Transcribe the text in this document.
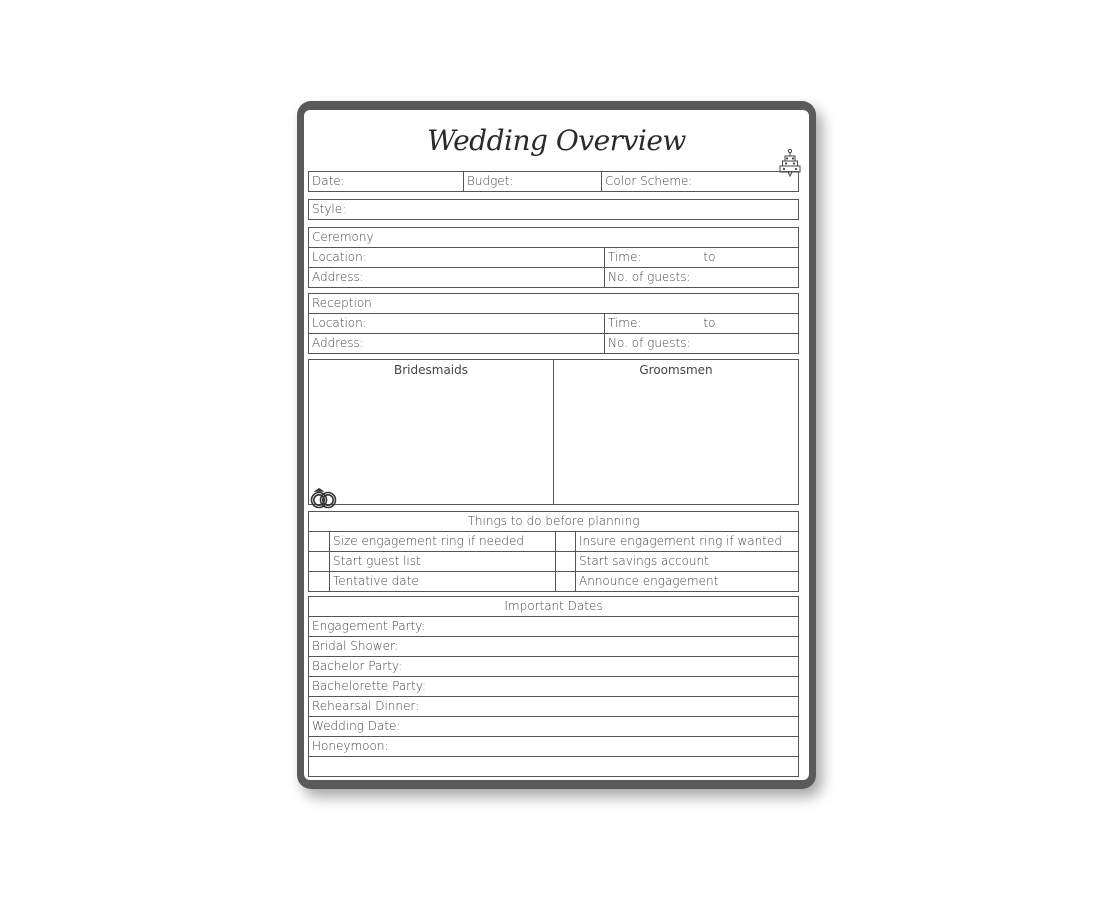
Wedding Overview
Date:	Budget:	Color Scheme:
Style:
Ceremony
Location:	Time:	to
Address:	No. of guests:
Reception
Location:	Time:	to
Address:	No. of guests:
Bridesmaids	Groomsmen
Things to do before planning
Size engagement ring if needed	Insure engagement ring if wanted
Start guest list	Start savings account
Tentative date	Announce engagement
Important Dates
Engagement Party:
Bridal Shower:
Bachelor Party:
Bachelorette Party:
Rehearsal Dinner:
Wedding Date:
Honeymoon:
